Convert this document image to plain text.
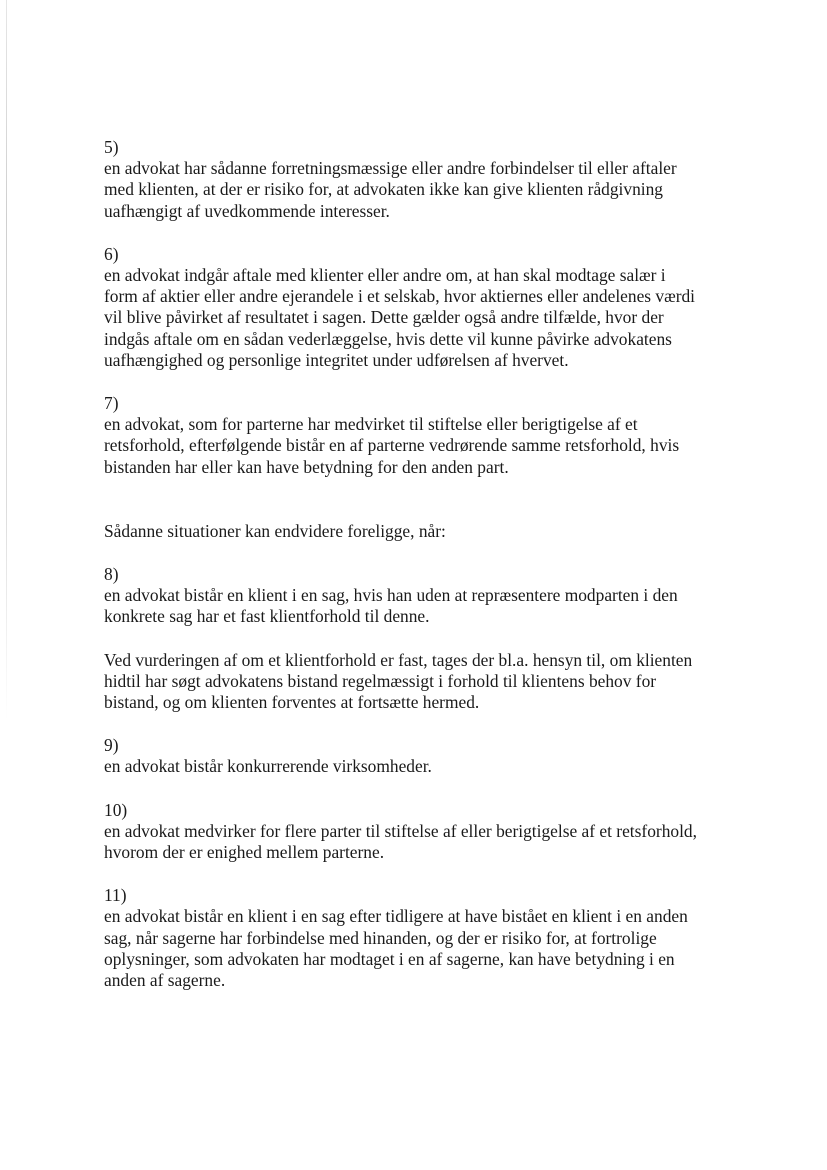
5)
en advokat har sådanne forretningsmæssige eller andre forbindelser til eller aftaler
med klienten, at der er risiko for, at advokaten ikke kan give klienten rådgivning
uafhængigt af uvedkommende interesser.
6)
en advokat indgår aftale med klienter eller andre om, at han skal modtage salær i
form af aktier eller andre ejerandele i et selskab, hvor aktiernes eller andelenes værdi
vil blive påvirket af resultatet i sagen. Dette gælder også andre tilfælde, hvor der
indgås aftale om en sådan vederlæggelse, hvis dette vil kunne påvirke advokatens
uafhængighed og personlige integritet under udførelsen af hvervet.
7)
en advokat, som for parterne har medvirket til stiftelse eller berigtigelse af et
retsforhold, efterfølgende bistår en af parterne vedrørende samme retsforhold, hvis
bistanden har eller kan have betydning for den anden part.
Sådanne situationer kan endvidere foreligge, når:
8)
en advokat bistår en klient i en sag, hvis han uden at repræsentere modparten i den
konkrete sag har et fast klientforhold til denne.
Ved vurderingen af om et klientforhold er fast, tages der bl.a. hensyn til, om klienten
hidtil har søgt advokatens bistand regelmæssigt i forhold til klientens behov for
bistand, og om klienten forventes at fortsætte hermed.
9)
en advokat bistår konkurrerende virksomheder.
10)
en advokat medvirker for flere parter til stiftelse af eller berigtigelse af et retsforhold,
hvorom der er enighed mellem parterne.
11)
en advokat bistår en klient i en sag efter tidligere at have bistået en klient i en anden
sag, når sagerne har forbindelse med hinanden, og der er risiko for, at fortrolige
oplysninger, som advokaten har modtaget i en af sagerne, kan have betydning i en
anden af sagerne.
